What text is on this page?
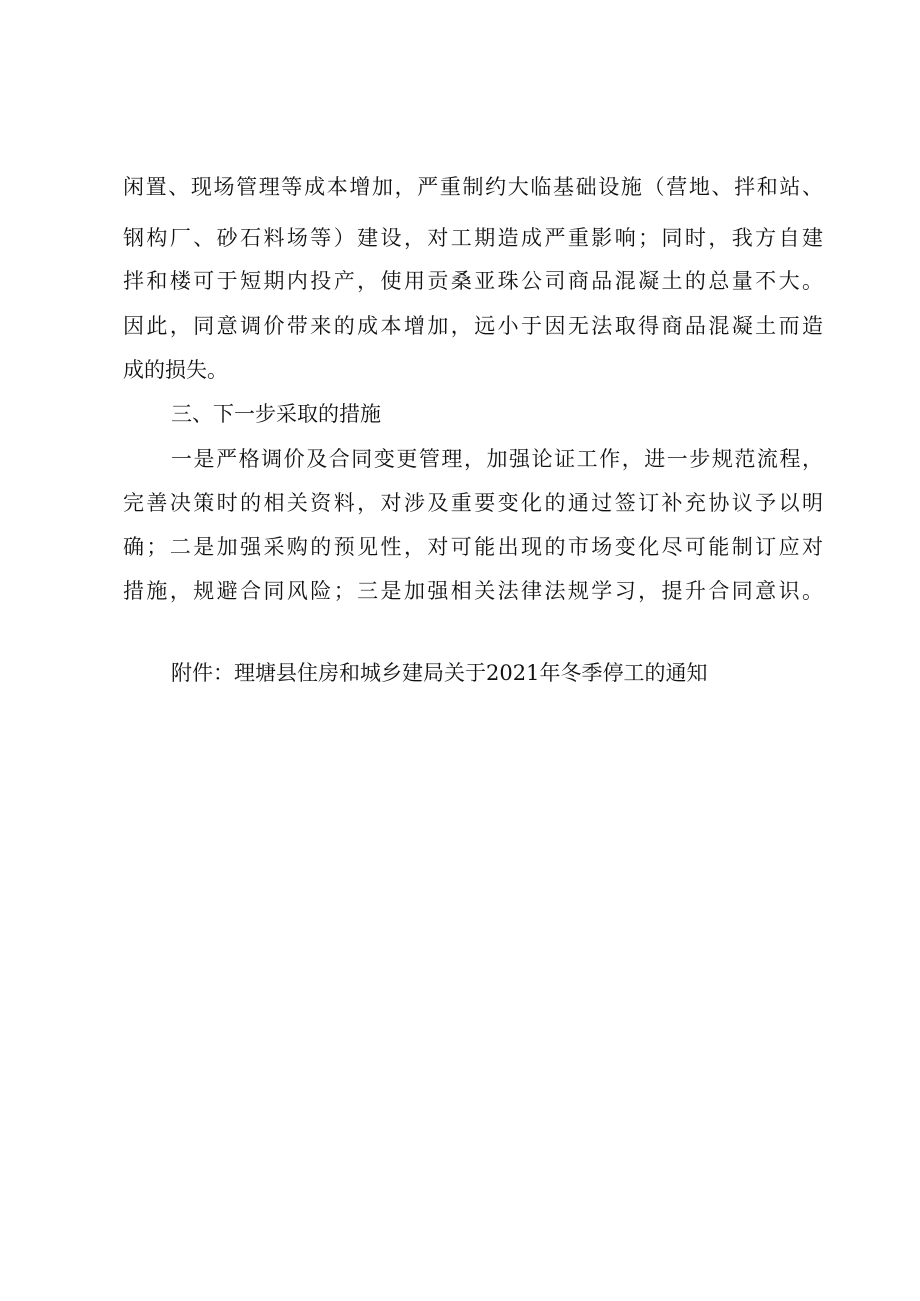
闲置、现场管理等成本增加，严重制约大临基础设施（营地、拌和站、
钢构厂、砂石料场等）建设，对工期造成严重影响；同时，我方自建
拌和楼可于短期内投产，使用贡桑亚珠公司商品混凝土的总量不大。
因此，同意调价带来的成本增加，远小于因无法取得商品混凝土而造
成的损失。
三、下一步采取的措施
一是严格调价及合同变更管理，加强论证工作，进一步规范流程，
完善决策时的相关资料，对涉及重要变化的通过签订补充协议予以明
确；二是加强采购的预见性，对可能出现的市场变化尽可能制订应对
措施，规避合同风险；三是加强相关法律法规学习，提升合同意识。
附件：理塘县住房和城乡建局关于2021年冬季停工的通知
